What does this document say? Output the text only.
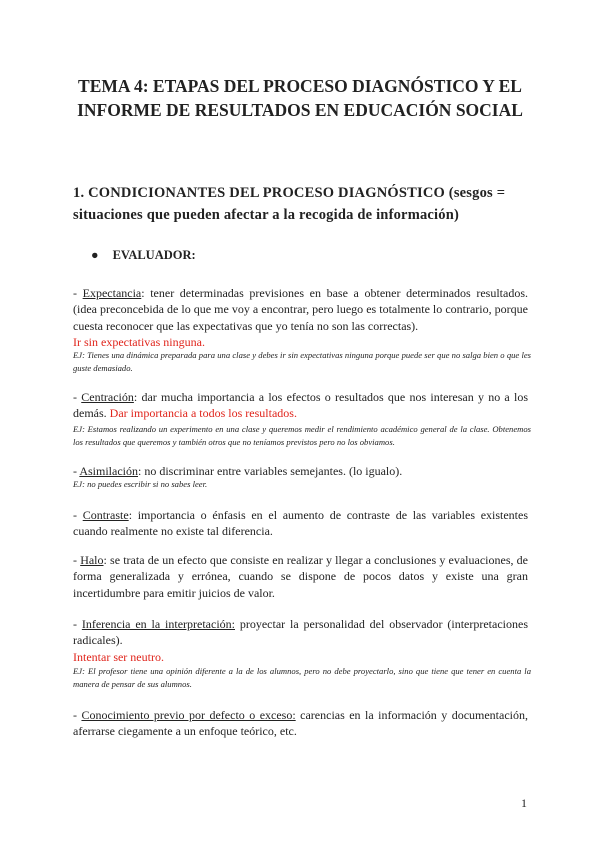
TEMA 4: ETAPAS DEL PROCESO DIAGNÓSTICO Y EL INFORME DE RESULTADOS EN EDUCACIÓN SOCIAL
1. CONDICIONANTES DEL PROCESO DIAGNÓSTICO (sesgos = situaciones que pueden afectar a la recogida de información)
● EVALUADOR:
- Expectancia: tener determinadas previsiones en base a obtener determinados resultados. (idea preconcebida de lo que me voy a encontrar, pero luego es totalmente lo contrario, porque cuesta reconocer que las expectativas que yo tenía no son las correctas).
Ir sin expectativas ninguna.
EJ: Tienes una dinámica preparada para una clase y debes ir sin expectativas ninguna porque puede ser que no salga bien o que les guste demasiado.
- Centración: dar mucha importancia a los efectos o resultados que nos interesan y no a los demás. Dar importancia a todos los resultados.
EJ: Estamos realizando un experimento en una clase y queremos medir el rendimiento académico general de la clase. Obtenemos los resultados que queremos y también otros que no teníamos previstos pero no los obviamos.
- Asimilación: no discriminar entre variables semejantes. (lo igualo).
EJ: no puedes escribir si no sabes leer.
- Contraste: importancia o énfasis en el aumento de contraste de las variables existentes cuando realmente no existe tal diferencia.
- Halo: se trata de un efecto que consiste en realizar y llegar a conclusiones y evaluaciones, de forma generalizada y errónea, cuando se dispone de pocos datos y existe una gran incertidumbre para emitir juicios de valor.
- Inferencia en la interpretación: proyectar la personalidad del observador (interpretaciones radicales).
Intentar ser neutro.
EJ: El profesor tiene una opinión diferente a la de los alumnos, pero no debe proyectarlo, sino que tiene que tener en cuenta la manera de pensar de sus alumnos.
- Conocimiento previo por defecto o exceso: carencias en la información y documentación, aferrarse ciegamente a un enfoque teórico, etc.
1
